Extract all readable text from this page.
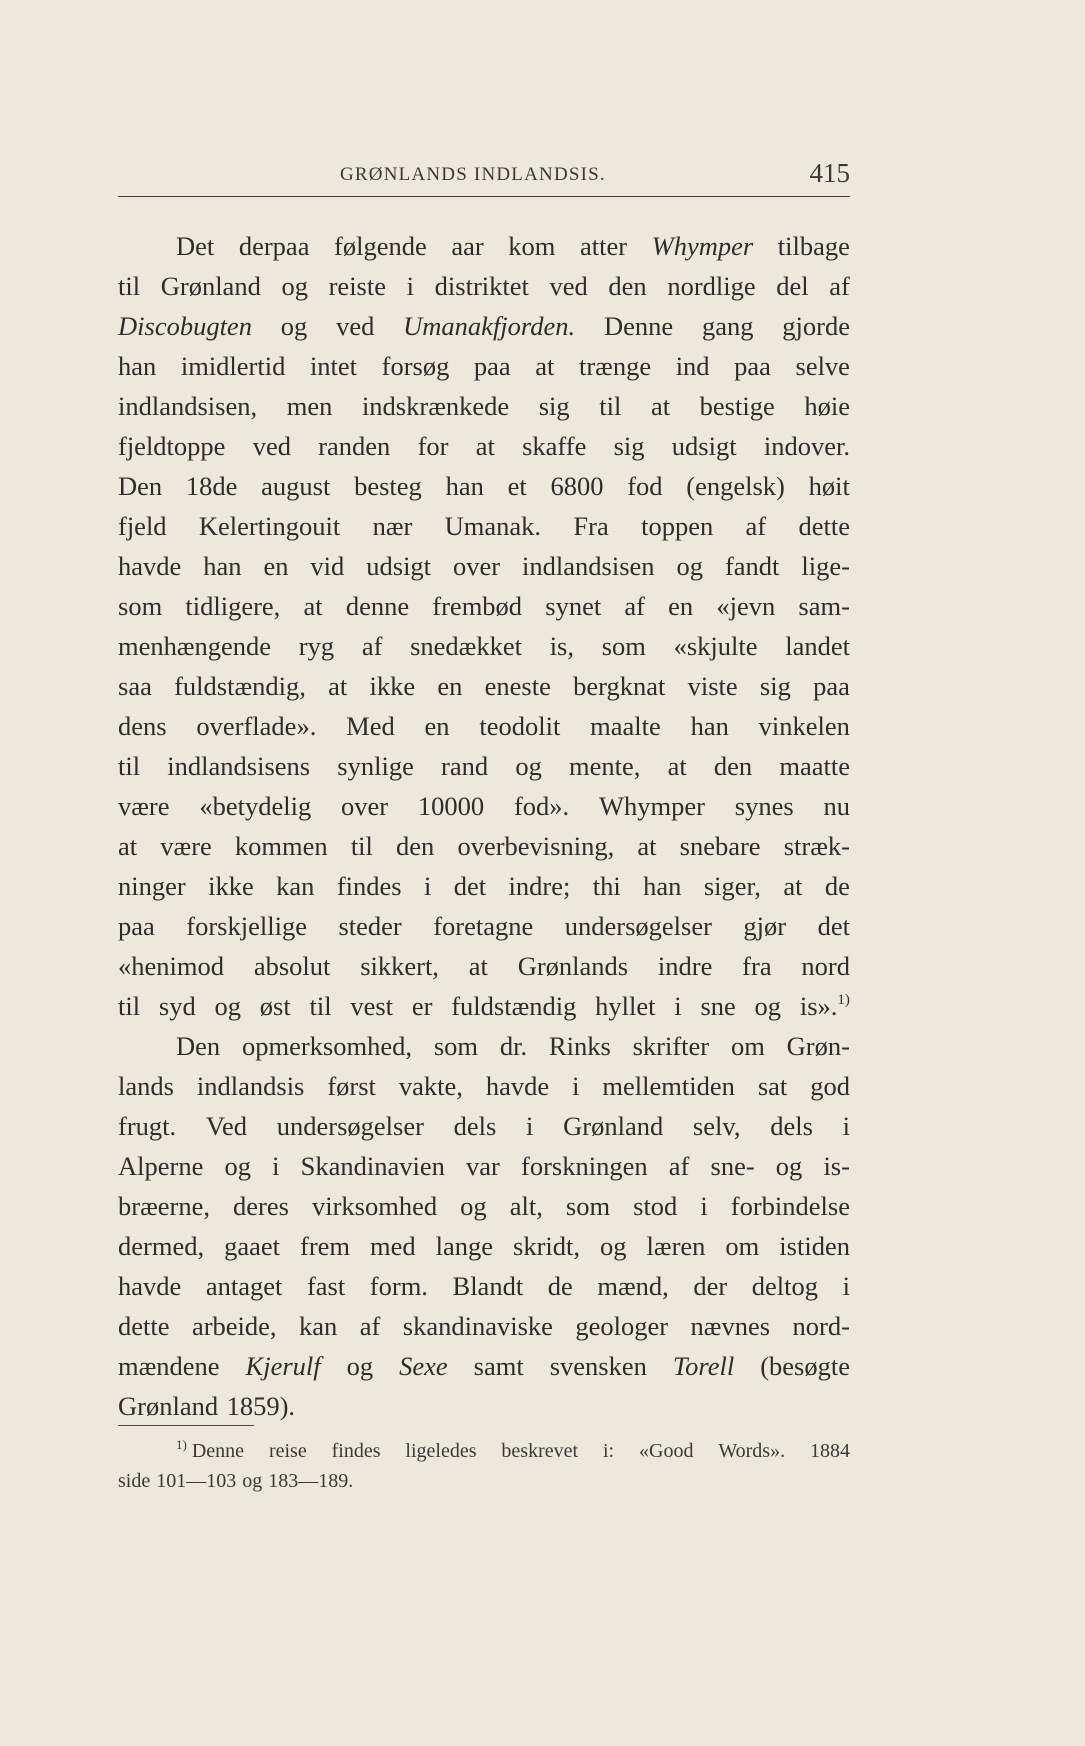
GRØNLANDS INDLANDSIS.	415
Det derpaa følgende aar kom atter Whymper tilbage
til Grønland og reiste i distriktet ved den nordlige del af
Discobugten og ved Umanakfjorden. Denne gang gjorde
han imidlertid intet forsøg paa at trænge ind paa selve
indlandsisen, men indskrænkede sig til at bestige høie
fjeldtoppe ved randen for at skaffe sig udsigt indover.
Den 18de august besteg han et 6800 fod (engelsk) høit
fjeld Kelertingouit nær Umanak. Fra toppen af dette
havde han en vid udsigt over indlandsisen og fandt lige-
som tidligere, at denne frembød synet af en «jevn sam-
menhængende ryg af snedækket is, som «skjulte landet
saa fuldstændig, at ikke en eneste bergknat viste sig paa
dens overflade». Med en teodolit maalte han vinkelen
til indlandsisens synlige rand og mente, at den maatte
være «betydelig over 10000 fod». Whymper synes nu
at være kommen til den overbevisning, at snebare stræk-
ninger ikke kan findes i det indre; thi han siger, at de
paa forskjellige steder foretagne undersøgelser gjør det
«henimod absolut sikkert, at Grønlands indre fra nord
til syd og øst til vest er fuldstændig hyllet i sne og is».$^{1)}$
Den opmerksomhed, som dr. Rinks skrifter om Grøn-
lands indlandsis først vakte, havde i mellemtiden sat god
frugt. Ved undersøgelser dels i Grønland selv, dels i
Alperne og i Skandinavien var forskningen af sne- og is-
bræerne, deres virksomhed og alt, som stod i forbindelse
dermed, gaaet frem med lange skridt, og læren om istiden
havde antaget fast form. Blandt de mænd, der deltog i
dette arbeide, kan af skandinaviske geologer nævnes nord-
mændene Kjerulf og Sexe samt svensken Torell (besøgte
Grønland 1859).
$^{1)}$ Denne reise findes ligeledes beskrevet i: «Good Words». 1884
side 101—103 og 183—189.
